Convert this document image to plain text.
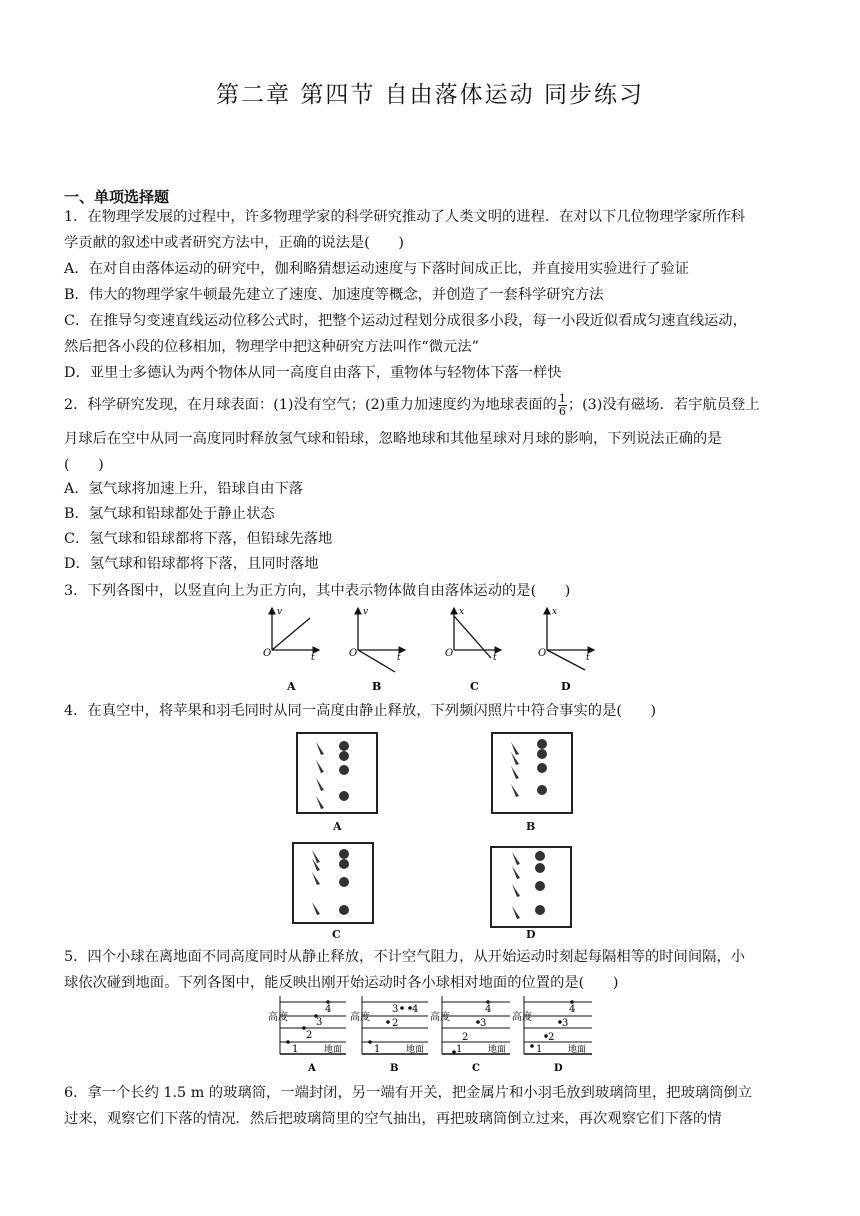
第二章 第四节 自由落体运动 同步练习
一、单项选择题
1．在物理学发展的过程中，许多物理学家的科学研究推动了人类文明的进程．在对以下几位物理学家所作科
学贡献的叙述中或者研究方法中，正确的说法是(　　)
A．在对自由落体运动的研究中，伽利略猜想运动速度与下落时间成正比，并直接用实验进行了验证
B．伟大的物理学家牛顿最先建立了速度、加速度等概念，并创造了一套科学研究方法
C．在推导匀变速直线运动位移公式时，把整个运动过程划分成很多小段，每一小段近似看成匀速直线运动，
然后把各小段的位移相加，物理学中把这种研究方法叫作“微元法”
D．亚里士多德认为两个物体从同一高度自由落下，重物体与轻物体下落一样快
2．科学研究发现，在月球表面：(1)没有空气；(2)重力加速度约为地球表面的 $\frac{1}{6}$ ；(3)没有磁场．若宇航员登上
月球后在空中从同一高度同时释放氢气球和铅球，忽略地球和其他星球对月球的影响，下列说法正确的是
(　　)
A．氢气球将加速上升，铅球自由下落
B．氢气球和铅球都处于静止状态
C．氢气球和铅球都将下落，但铅球先落地
D．氢气球和铅球都将下落，且同时落地
3．下列各图中，以竖直向上为正方向，其中表示物体做自由落体运动的是(　　)
v
O	t
A
v
O	t
B
x
O	t
C
x
O	t
D
4．在真空中，将苹果和羽毛同时从同一高度由静止释放，下列频闪照片中符合事实的是(　　)
A	B
C	D
5．四个小球在离地面不同高度同时从静止释放，不计空气阻力，从开始运动时刻起每隔相等的时间间隔，小
球依次碰到地面。下列各图中，能反映出刚开始运动时各小球相对地面的位置的是(　　)
高度
4
3
2
1	地面
A
高度
3 4
2
1	地面
B
高度
4
3
2
1	地面
C
高度
4
3
2
1	地面
D
6．拿一个长约 1.5 m 的玻璃筒，一端封闭，另一端有开关，把金属片和小羽毛放到玻璃筒里，把玻璃筒倒立
过来，观察它们下落的情况．然后把玻璃筒里的空气抽出，再把玻璃筒倒立过来，再次观察它们下落的情
